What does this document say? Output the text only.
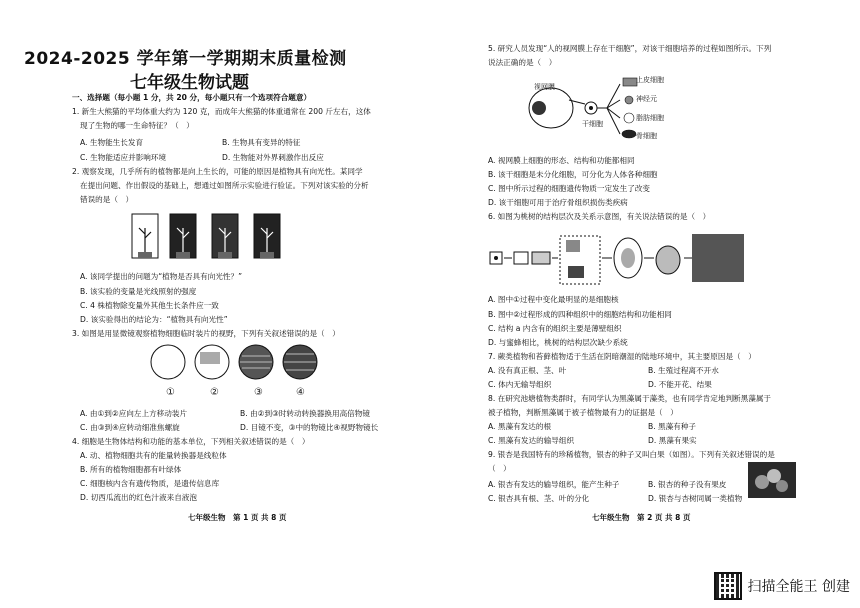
2024-2025 学年第一学期期末质量检测
七年级生物试题
一、选择题（每小题 1 分，共 20 分，每小题只有一个选项符合题意）
1. 新生大熊猫的平均体重大约为 120 克，而成年大熊猫的体重通常在 200 斤左右，这体
现了生物的哪一生命特征？（　）
A. 生物能生长发育	B. 生物具有变异的特征
C. 生物能适应并影响环境	D. 生物能对外界刺激作出反应
2. 观察发现，几乎所有的植物都是向上生长的，可能的原因是植物具有向光性。某同学
在提出问题、作出假设的基础上，想通过如图所示实验进行验证。下列对该实验的分析
错误的是（　）
A. 该同学提出的问题为“植物是否具有向光性？”
B. 该实验的变量是光线照射的强度
C. 4 株植物除变量外其他生长条件应一致
D. 该实验得出的结论为：“植物具有向光性”
3. 如图是用显微镜观察植物细胞临时装片的视野，下列有关叙述错误的是（　）
①	②	③	④
A. 由①到②应向左上方移动装片	B. 由②到③时转动转换器换用高倍物镜
C. 由③到④应转动细准焦螺旋	D. 目镜不变，③中的物镜比④视野物镜长
4. 细胞是生物体结构和功能的基本单位，下列相关叙述错误的是（　）
A. 动、植物细胞共有的能量转换器是线粒体
B. 所有的植物细胞都有叶绿体
C. 细胞核内含有遗传物质，是遗传信息库
D. 切西瓜流出的红色汁液来自液泡
七年级生物　第 1 页 共 8 页
5. 研究人员发现“人的视网膜上存在干细胞”，对该干细胞培养的过程如图所示。下列
说法正确的是（　）
视网膜
干细胞
上皮细胞
神经元
脂肪细胞
骨细胞
A. 视网膜上细胞的形态、结构和功能都相同
B. 该干细胞是未分化细胞，可分化为人体各种细胞
C. 图中所示过程的细胞遗传物质一定发生了改变
D. 该干细胞可用于治疗骨组织损伤类疾病
6. 如图为桃树的结构层次及关系示意图，有关说法错误的是（　）
A. 图中①过程中变化最明显的是细胞核
B. 图中②过程形成的四种组织中的细胞结构和功能相同
C. 结构 a 内含有的组织主要是薄壁组织
D. 与蜜蜂相比，桃树的结构层次缺少系统
7. 蕨类植物和苔藓植物适于生活在阴暗潮湿的陆地环境中，其主要原因是（　）
A. 没有真正根、茎、叶	B. 生殖过程离不开水
C. 体内无输导组织	D. 不能开花、结果
8. 在研究池塘植物类群时，有同学认为黑藻属于藻类，也有同学肯定地判断黑藻属于
被子植物，判断黑藻属于被子植物最有力的证据是（　）
A. 黑藻有发达的根	B. 黑藻有种子
C. 黑藻有发达的输导组织	D. 黑藻有果实
9. 银杏是我国特有的珍稀植物，银杏的种子又叫白果（如图）。下列有关叙述错误的是
（　）
A. 银杏有发达的输导组织，能产生种子	B. 银杏的种子没有果皮
C. 银杏具有根、茎、叶的分化	D. 银杏与杏树同属一类植物
七年级生物　第 2 页 共 8 页
扫描全能王 创建
